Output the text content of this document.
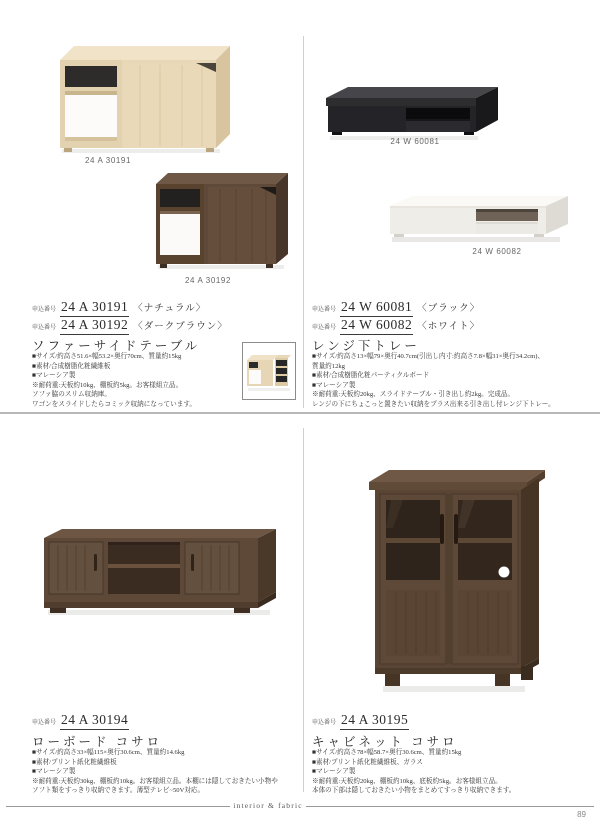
24 A 30191
24 A 30192
申込番号 24 A 30191 〈ナチュラル〉
申込番号 24 A 30192 〈ダークブラウン〉
ソファーサイドテーブル
■サイズ/約高さ51.6×幅53.2×奥行70cm、質量約15kg
■素材/合成樹脂化粧繊維板
■マレーシア製
※耐荷重:天板約10kg、棚板約5kg。お客様組立品。
ソファ脇のスリム収納庫。
ワゴンをスライドしたらコミック収納になっています。
24 W 60081
24 W 60082
申込番号 24 W 60081 〈ブラック〉
申込番号 24 W 60082 〈ホワイト〉
レンジ下トレー
■サイズ/約高さ13×幅79×奥行40.7cm(引出し内寸:約高さ7.8×幅31×奥行34.2cm)、
質量約12kg
■素材/合成樹脂化粧パーティクルボード
■マレーシア製
※耐荷重:天板約20kg、スライドテーブル・引き出し約2kg。完成品。
レンジの下にちょこっと置きたい収納をプラス出来る引き出し付レンジ下トレー。
申込番号 24 A 30194
ローボード コサロ
■サイズ/約高さ33×幅115×奥行30.6cm、質量約14.6kg
■素材/プリント紙化粧繊維板
■マレーシア製
※耐荷重:天板約30kg、棚板約10kg。お客様組立品。本棚には隠しておきたい小物や
ソフト類をすっきり収納できます。薄型テレビ~50V対応。
申込番号 24 A 30195
キャビネット コサロ
■サイズ/約高さ78×幅58.7×奥行30.6cm、質量約15kg
■素材/プリント紙化粧繊維板、ガラス
■マレーシア製
※耐荷重:天板約20kg、棚板約10kg、底板約5kg。お客様組立品。
本体の下部は隠しておきたい小物をまとめてすっきり収納できます。
interior & fabric
89
